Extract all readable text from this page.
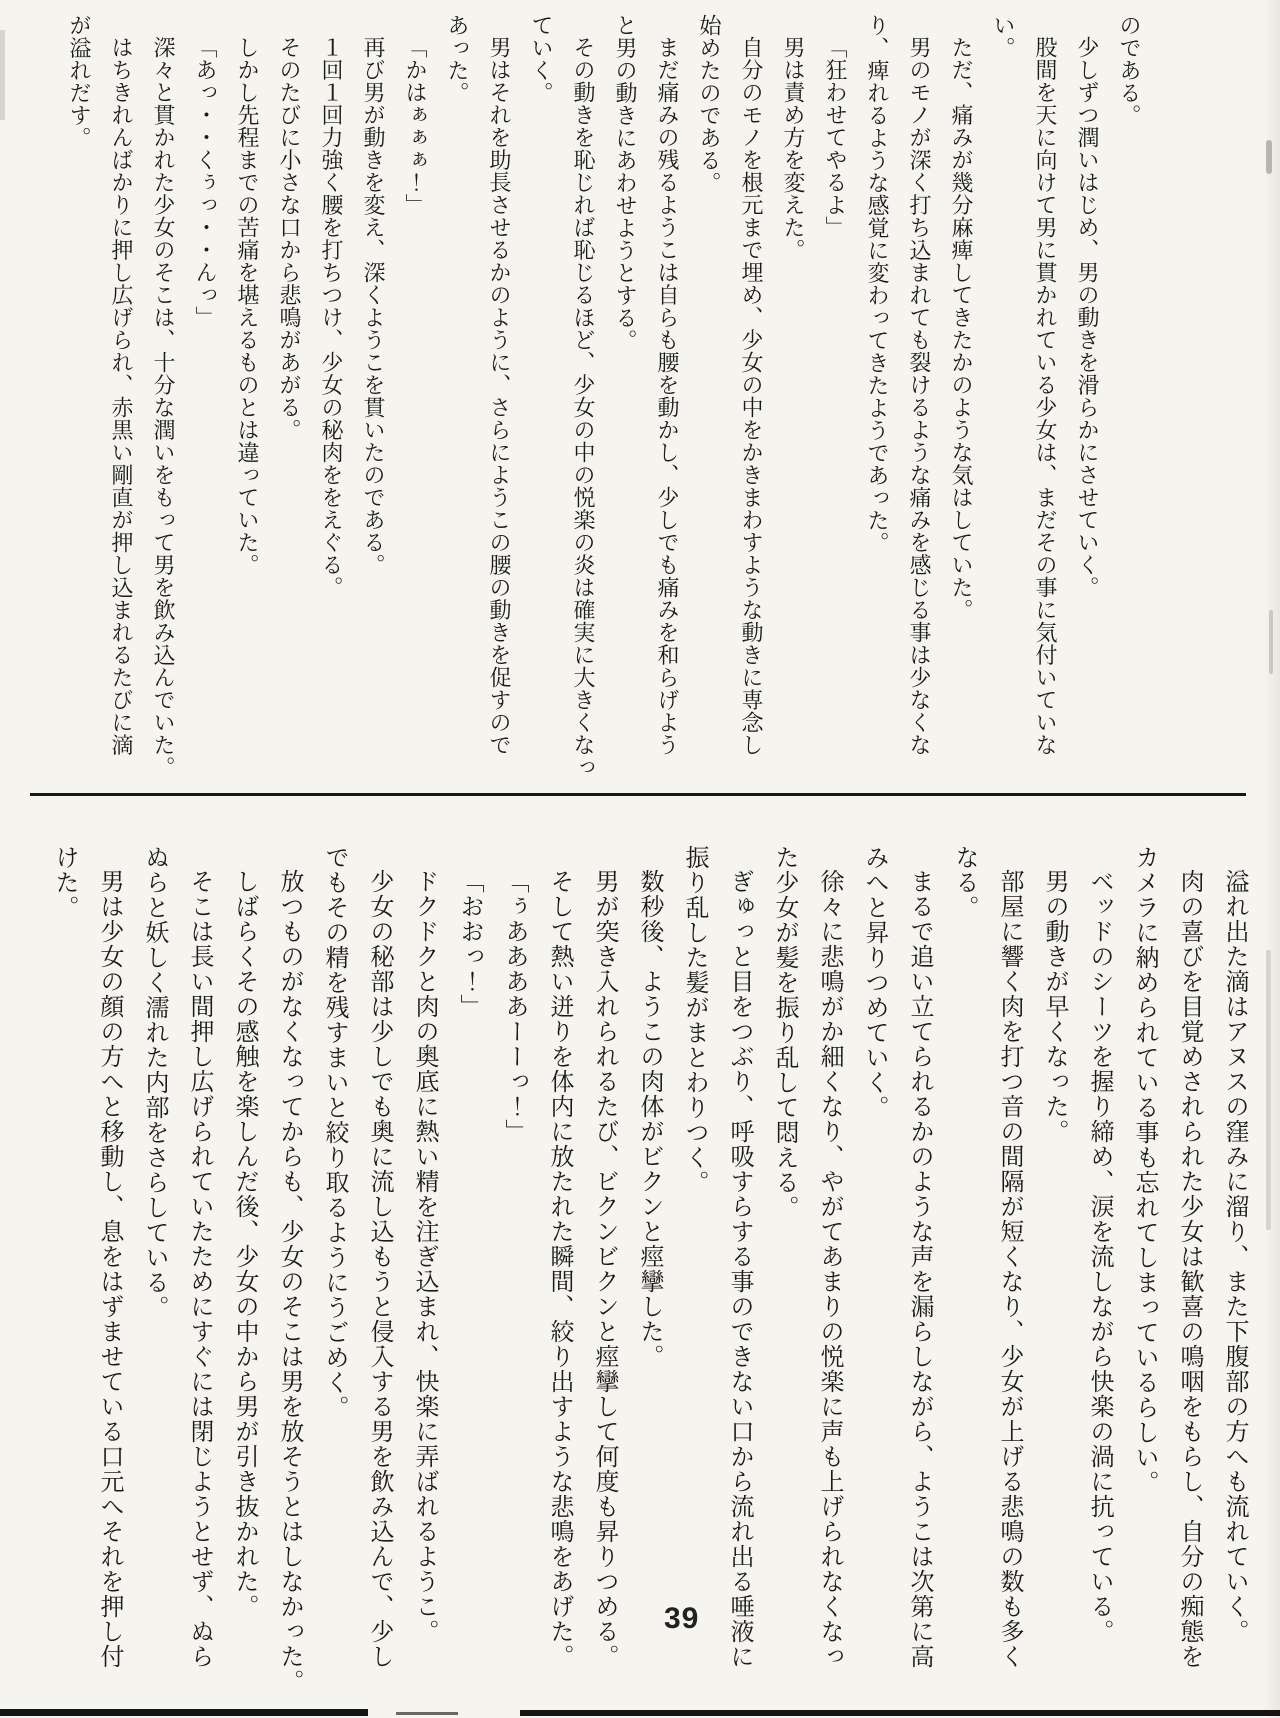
のである。
少しずつ潤いはじめ、男の動きを滑らかにさせていく。
股間を天に向けて男に貫かれている少女は、まだその事に気付いていな
い。
ただ、痛みが幾分麻痺してきたかのような気はしていた。
男のモノが深く打ち込まれても裂けるような痛みを感じる事は少なくな
り、痺れるような感覚に変わってきたようであった。
「狂わせてやるよ」
男は責め方を変えた。
自分のモノを根元まで埋め、少女の中をかきまわすような動きに専念し
始めたのである。
まだ痛みの残るようこは自らも腰を動かし、少しでも痛みを和らげよう
と男の動きにあわせようとする。
その動きを恥じれば恥じるほど、少女の中の悦楽の炎は確実に大きくなっ
ていく。
男はそれを助長させるかのように、さらにようこの腰の動きを促すので
あった。
「かはぁぁぁ！」
再び男が動きを変え、深くようこを貫いたのである。
１回１回力強く腰を打ちつけ、少女の秘肉ををえぐる。
そのたびに小さな口から悲鳴があがる。
しかし先程までの苦痛を堪えるものとは違っていた。
「あっ・・くぅっ・・んっ」
深々と貫かれた少女のそこは、十分な潤いをもって男を飲み込んでいた。
はちきれんばかりに押し広げられ、赤黒い剛直が押し込まれるたびに滴
が溢れだす。
溢れ出た滴はアヌスの窪みに溜り、また下腹部の方へも流れていく。
肉の喜びを目覚めされられた少女は歓喜の鳴咽をもらし、自分の痴態を
カメラに納められている事も忘れてしまっているらしい。
ベッドのシーツを握り締め、涙を流しながら快楽の渦に抗っている。
男の動きが早くなった。
部屋に響く肉を打つ音の間隔が短くなり、少女が上げる悲鳴の数も多く
なる。
まるで追い立てられるかのような声を漏らしながら、ようこは次第に高
みへと昇りつめていく。
徐々に悲鳴がか細くなり、やがてあまりの悦楽に声も上げられなくなっ
た少女が髪を振り乱して悶える。
ぎゅっと目をつぶり、呼吸すらする事のできない口から流れ出る唾液に
振り乱した髪がまとわりつく。
数秒後、ようこの肉体がビクンと痙攣した。
男が突き入れられるたび、ビクンビクンと痙攣して何度も昇りつめる。
そして熱い迸りを体内に放たれた瞬間、絞り出すような悲鳴をあげた。
「ぅああああーーっ！」
「おおっ！」
ドクドクと肉の奥底に熱い精を注ぎ込まれ、快楽に弄ばれるようこ。
少女の秘部は少しでも奥に流し込もうと侵入する男を飲み込んで、少し
でもその精を残すまいと絞り取るようにうごめく。
放つものがなくなってからも、少女のそこは男を放そうとはしなかった。
しばらくその感触を楽しんだ後、少女の中から男が引き抜かれた。
そこは長い間押し広げられていたためにすぐには閉じようとせず、ぬら
ぬらと妖しく濡れた内部をさらしている。
男は少女の顔の方へと移動し、息をはずませている口元へそれを押し付
けた。
39
